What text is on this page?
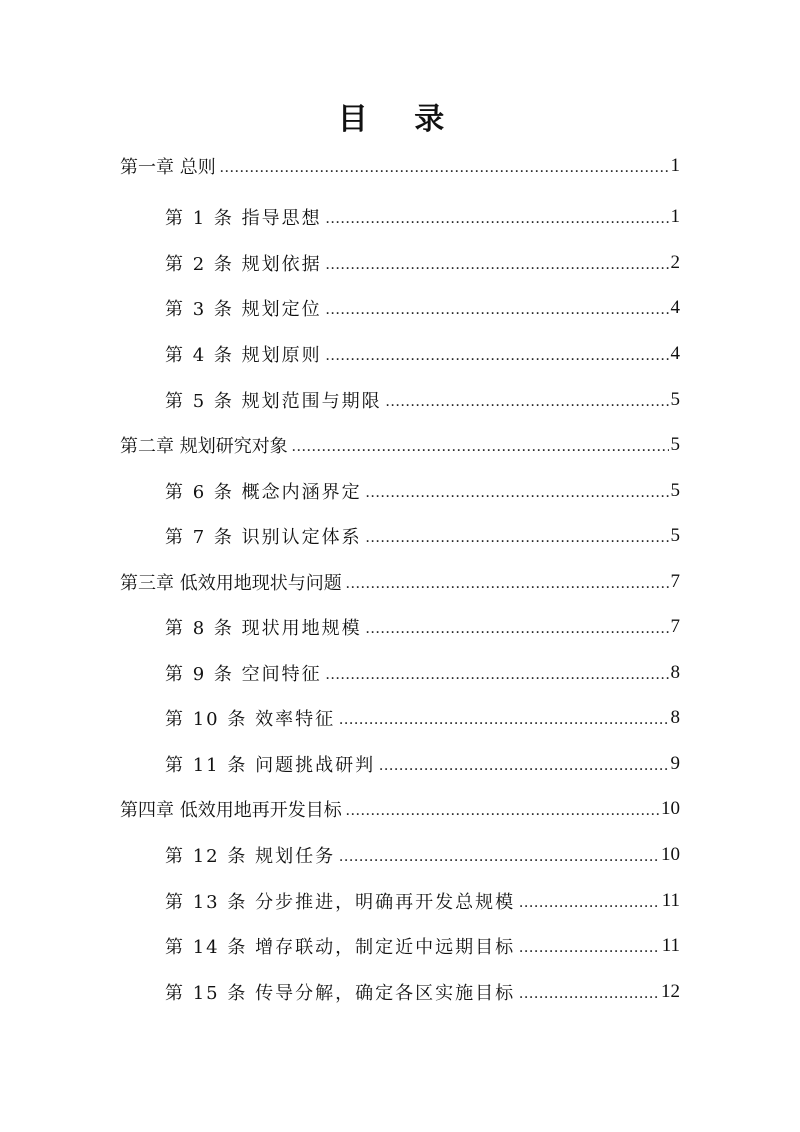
目 录
第一章 总则 .....	1
第 1 条 指导思想 .....	1
第 2 条 规划依据 .....	2
第 3 条 规划定位 .....	4
第 4 条 规划原则 .....	4
第 5 条 规划范围与期限 .....	5
第二章 规划研究对象 .....	5
第 6 条 概念内涵界定 .....	5
第 7 条 识别认定体系 .....	5
第三章 低效用地现状与问题 .....	7
第 8 条 现状用地规模 .....	7
第 9 条 空间特征 .....	8
第 10 条 效率特征 .....	8
第 11 条 问题挑战研判 .....	9
第四章 低效用地再开发目标 .....	10
第 12 条 规划任务 .....	10
第 13 条 分步推进，明确再开发总规模 .....	11
第 14 条 增存联动，制定近中远期目标 .....	11
第 15 条 传导分解，确定各区实施目标 .....	12
